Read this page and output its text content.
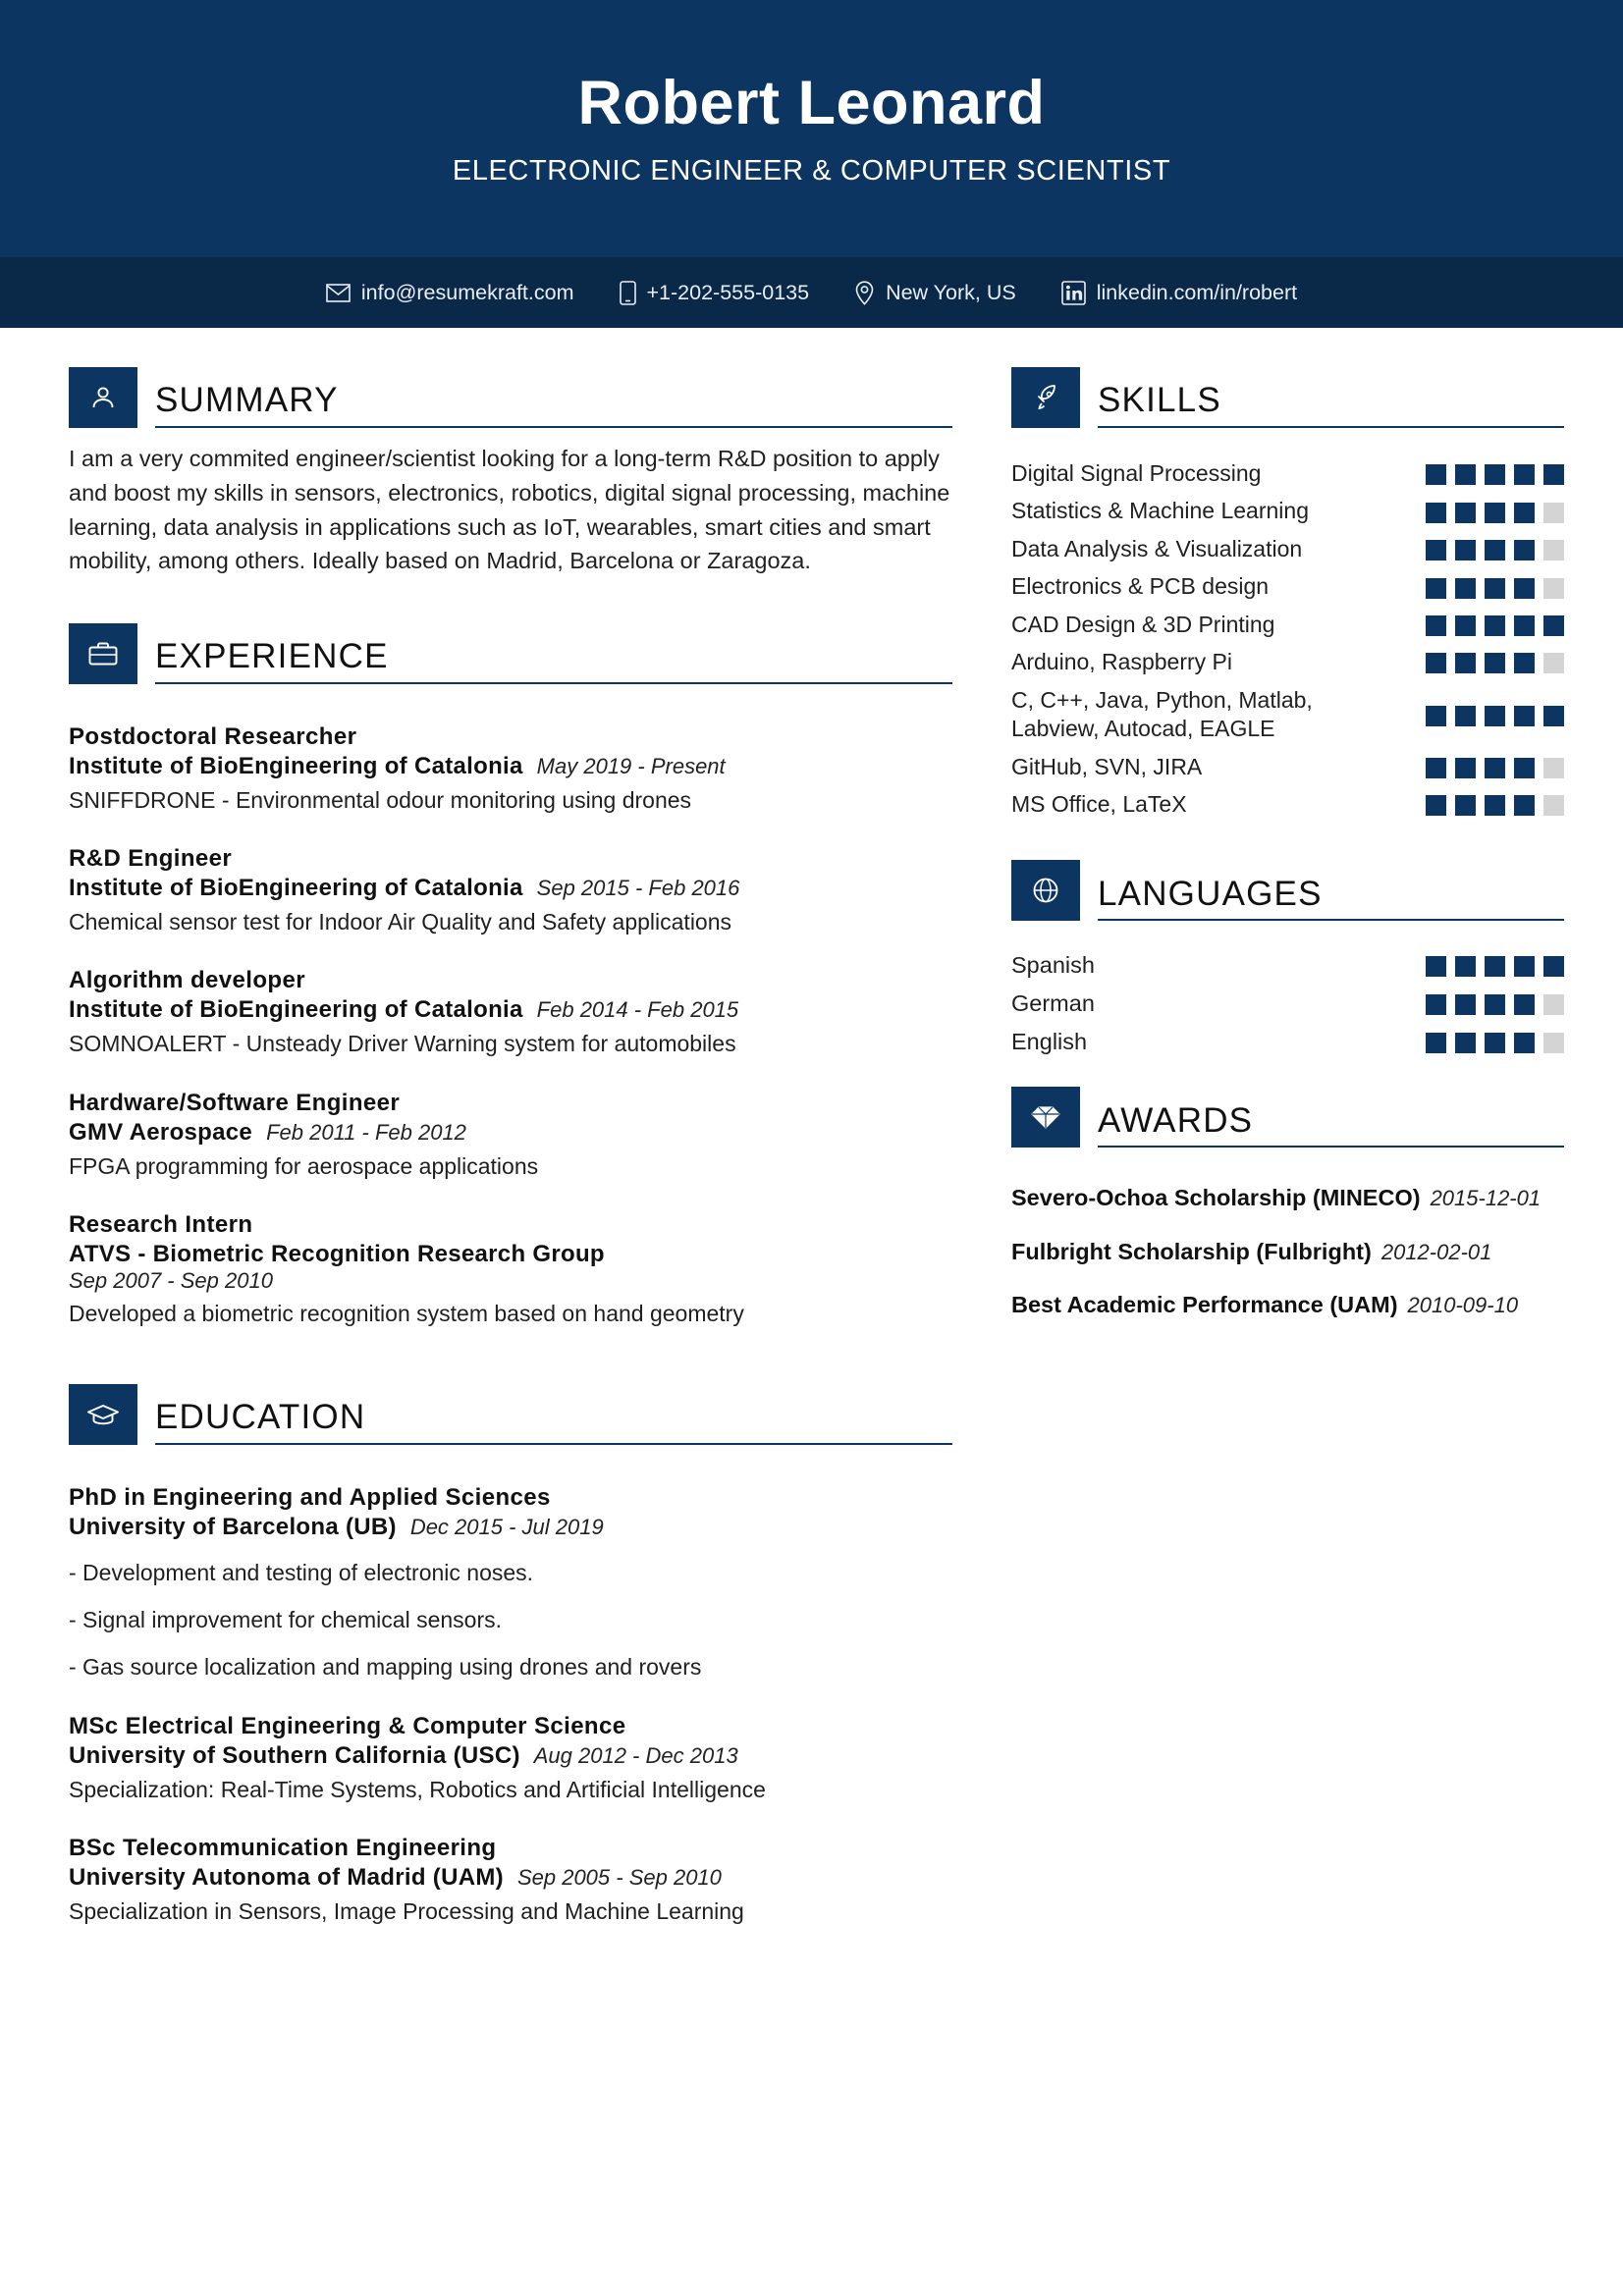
Robert Leonard
ELECTRONIC ENGINEER & COMPUTER SCIENTIST
info@resumekraft.com	+1-202-555-0135	New York, US	linkedin.com/in/robert
SUMMARY
I am a very commited engineer/scientist looking for a long-term R&D position to apply and boost my skills in sensors, electronics, robotics, digital signal processing, machine learning, data analysis in applications such as IoT, wearables, smart cities and smart mobility, among others. Ideally based on Madrid, Barcelona or Zaragoza.
EXPERIENCE
Postdoctoral Researcher
Institute of BioEngineering of Catalonia May 2019 - Present
SNIFFDRONE - Environmental odour monitoring using drones
R&D Engineer
Institute of BioEngineering of Catalonia Sep 2015 - Feb 2016
Chemical sensor test for Indoor Air Quality and Safety applications
Algorithm developer
Institute of BioEngineering of Catalonia Feb 2014 - Feb 2015
SOMNOALERT - Unsteady Driver Warning system for automobiles
Hardware/Software Engineer
GMV Aerospace Feb 2011 - Feb 2012
FPGA programming for aerospace applications
Research Intern
ATVS - Biometric Recognition Research Group
Sep 2007 - Sep 2010
Developed a biometric recognition system based on hand geometry
EDUCATION
PhD in Engineering and Applied Sciences
University of Barcelona (UB) Dec 2015 - Jul 2019
- Development and testing of electronic noses.
- Signal improvement for chemical sensors.
- Gas source localization and mapping using drones and rovers
MSc Electrical Engineering & Computer Science
University of Southern California (USC) Aug 2012 - Dec 2013
Specialization: Real-Time Systems, Robotics and Artificial Intelligence
BSc Telecommunication Engineering
University Autonoma of Madrid (UAM) Sep 2005 - Sep 2010
Specialization in Sensors, Image Processing and Machine Learning
SKILLS
Digital Signal Processing
Statistics & Machine Learning
Data Analysis & Visualization
Electronics & PCB design
CAD Design & 3D Printing
Arduino, Raspberry Pi
C, C++, Java, Python, Matlab, Labview, Autocad, EAGLE
GitHub, SVN, JIRA
MS Office, LaTeX
LANGUAGES
Spanish
German
English
AWARDS
Severo-Ochoa Scholarship (MINECO) 2015-12-01
Fulbright Scholarship (Fulbright) 2012-02-01
Best Academic Performance (UAM) 2010-09-10
